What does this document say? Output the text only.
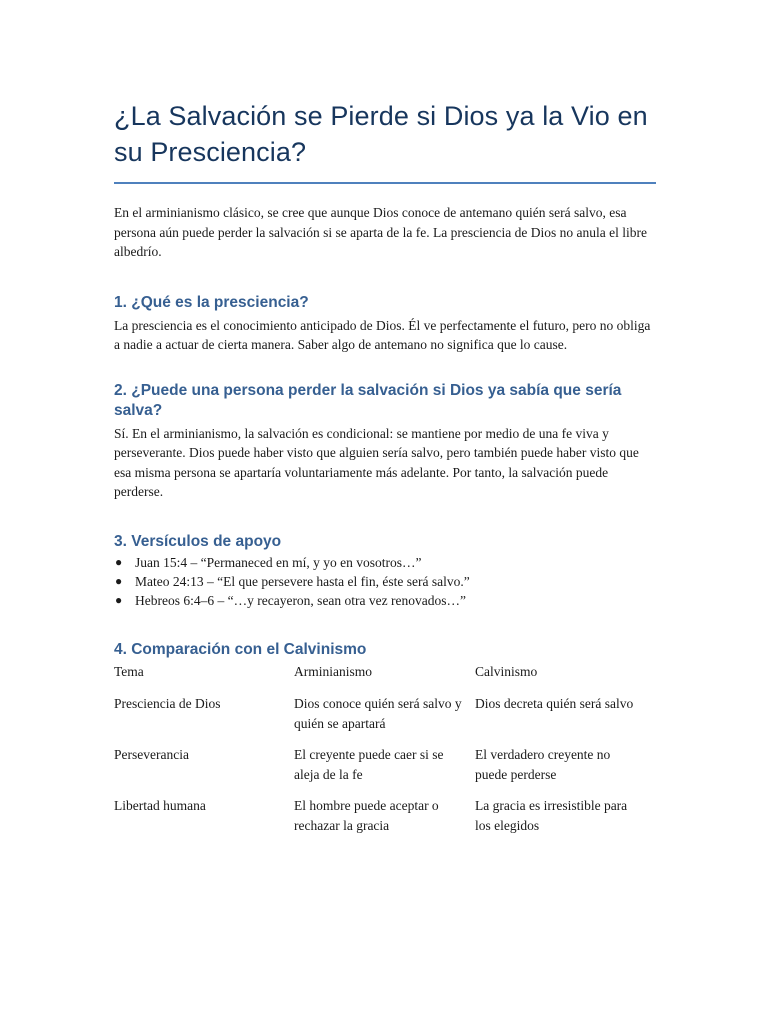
¿La Salvación se Pierde si Dios ya la Vio en su Presciencia?

En el arminianismo clásico, se cree que aunque Dios conoce de antemano quién será salvo, esa persona aún puede perder la salvación si se aparta de la fe. La presciencia de Dios no anula el libre albedrío.

1. ¿Qué es la presciencia?

La presciencia es el conocimiento anticipado de Dios. Él ve perfectamente el futuro, pero no obliga a nadie a actuar de cierta manera. Saber algo de antemano no significa que lo cause.

2. ¿Puede una persona perder la salvación si Dios ya sabía que sería salva?

Sí. En el arminianismo, la salvación es condicional: se mantiene por medio de una fe viva y perseverante. Dios puede haber visto que alguien sería salvo, pero también puede haber visto que esa misma persona se apartaría voluntariamente más adelante. Por tanto, la salvación puede perderse.

3. Versículos de apoyo
● Juan 15:4 – “Permaneced en mí, y yo en vosotros…”
● Mateo 24:13 – “El que persevere hasta el fin, éste será salvo.”
● Hebreos 6:4–6 – “…y recayeron, sean otra vez renovados…”
4. Comparación con el Calvinismo
Tema	Arminianismo	Calvinismo
Presciencia de Dios	Dios conoce quién será salvo y quién se apartará	Dios decreta quién será salvo
Perseverancia	El creyente puede caer si se aleja de la fe	El verdadero creyente no puede perderse
Libertad humana	El hombre puede aceptar o rechazar la gracia	La gracia es irresistible para los elegidos
